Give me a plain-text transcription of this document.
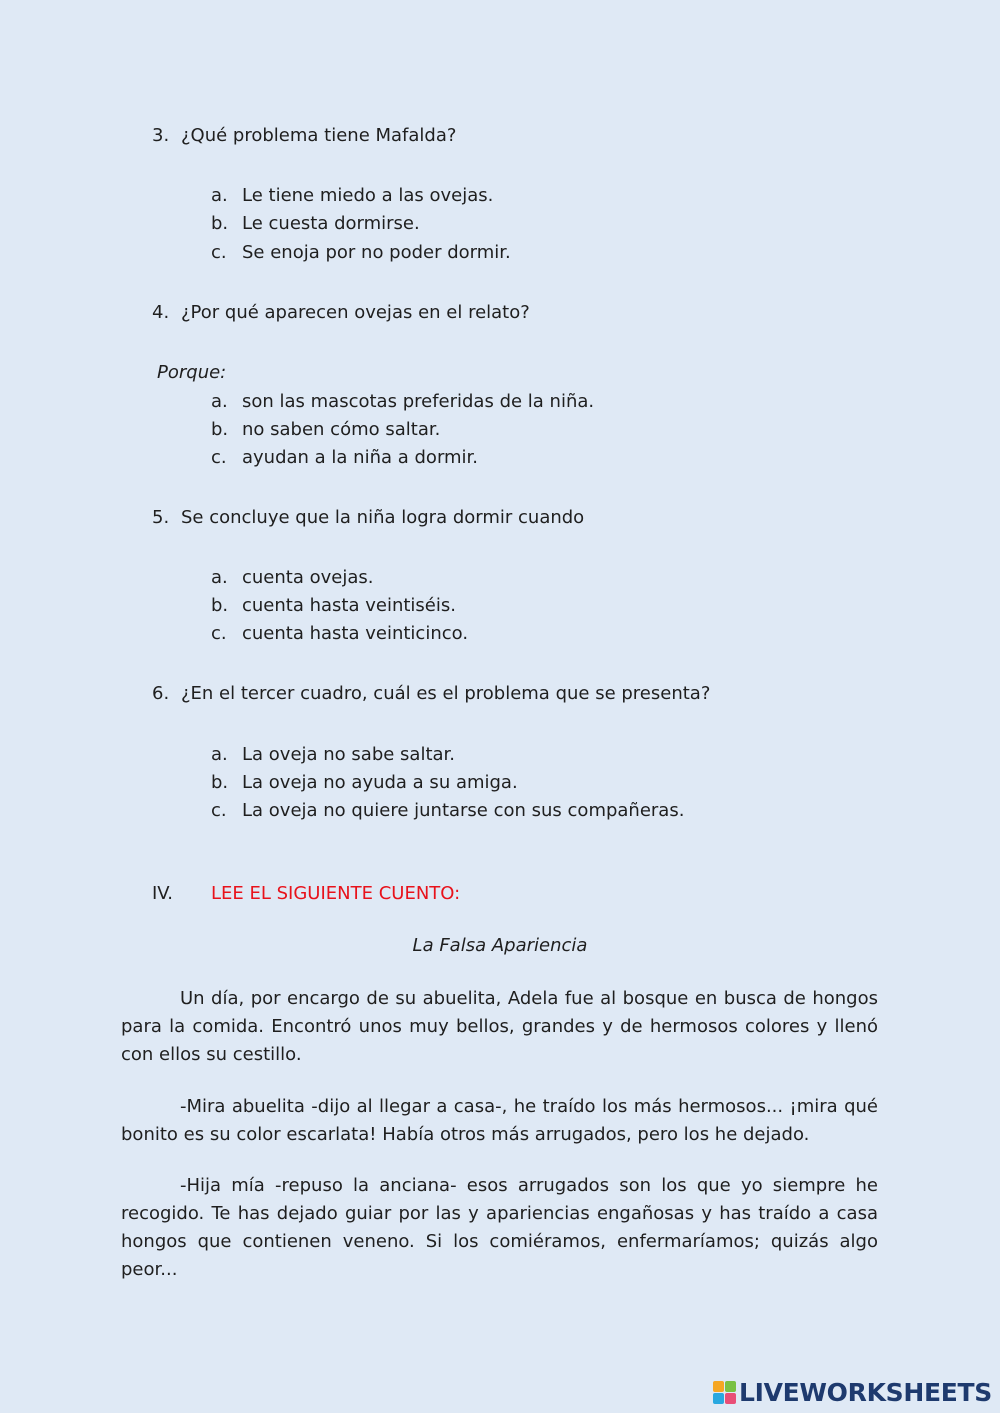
3. ¿Qué problema tiene Mafalda?
a. Le tiene miedo a las ovejas.
b. Le cuesta dormirse.
c. Se enoja por no poder dormir.
4. ¿Por qué aparecen ovejas en el relato?
Porque:
a. son las mascotas preferidas de la niña.
b. no saben cómo saltar.
c. ayudan a la niña a dormir.
5. Se concluye que la niña logra dormir cuando
a. cuenta ovejas.
b. cuenta hasta veintiséis.
c. cuenta hasta veinticinco.
6. ¿En el tercer cuadro, cuál es el problema que se presenta?
a. La oveja no sabe saltar.
b. La oveja no ayuda a su amiga.
c. La oveja no quiere juntarse con sus compañeras.
IV. LEE EL SIGUIENTE CUENTO:
La Falsa Apariencia

Un día, por encargo de su abuelita, Adela fue al bosque en busca de hongos para la comida. Encontró unos muy bellos, grandes y de hermosos colores y llenó con ellos su cestillo.

-Mira abuelita -dijo al llegar a casa-, he traído los más hermosos... ¡mira qué bonito es su color escarlata! Había otros más arrugados, pero los he dejado.

-Hija mía -repuso la anciana- esos arrugados son los que yo siempre he recogido. Te has dejado guiar por las y apariencias engañosas y has traído a casa hongos que contienen veneno. Si los comiéramos, enfermaríamos; quizás algo peor...

LIVEWORKSHEETS
